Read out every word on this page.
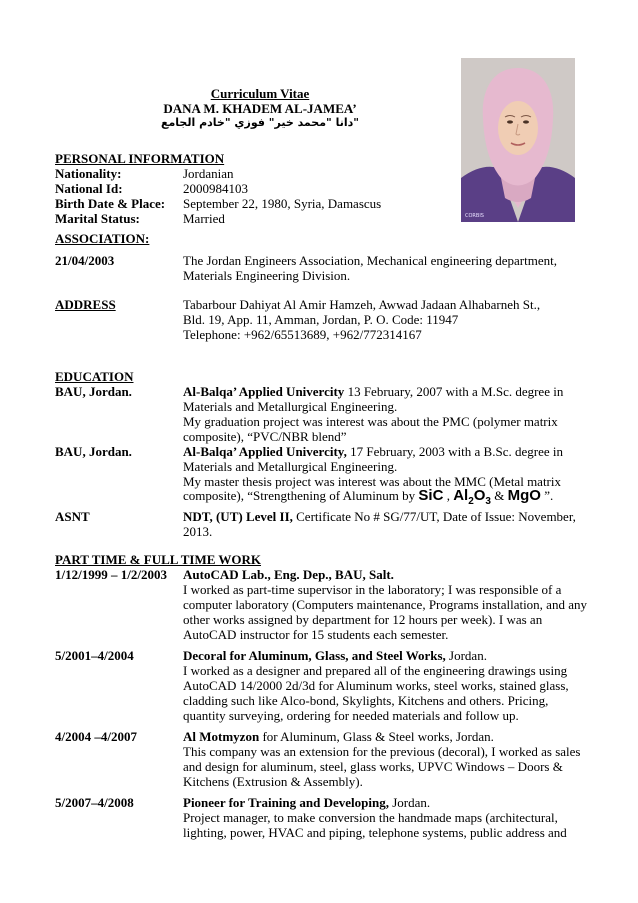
Curriculum Vitae
DANA M. KHADEM AL-JAMEA’
"دانا "محمد خير" فوزي "خادم الجامع
CORBIS
PERSONAL INFORMATION
Nationality:	Jordanian
National Id:	2000984103
Birth Date & Place: September 22, 1980, Syria, Damascus
Marital Status:	Married
ASSOCIATION:
21/04/2003	The Jordan Engineers Association, Mechanical engineering department,
Materials Engineering Division.
ADDRESS	Tabarbour Dahiyat Al Amir Hamzeh, Awwad Jadaan Alhabarneh St.,
Bld. 19, App. 11, Amman, Jordan, P. O. Code: 11947
Telephone: +962/65513689, +962/772314167
EDUCATION
BAU, Jordan.	Al-Balqa’ Applied Univercity 13 February, 2007 with a M.Sc. degree in
Materials and Metallurgical Engineering.
My graduation project was interest was about the PMC (polymer matrix
composite), “PVC/NBR blend”
BAU, Jordan.	Al-Balqa’ Applied Univercity, 17 February, 2003 with a B.Sc. degree in
Materials and Metallurgical Engineering.
My master thesis project was interest was about the MMC (Metal matrix
composite), “Strengthening of Aluminum by SiC , $Al_2O_3$ & MgO ”.
ASNT	NDT, (UT) Level II, Certificate No # SG/77/UT, Date of Issue: November,
2013.
PART TIME & FULL TIME WORK
1/12/1999 – 1/2/2003 AutoCAD Lab., Eng. Dep., BAU, Salt.
I worked as part-time supervisor in the laboratory; I was responsible of a
computer laboratory (Computers maintenance, Programs installation, and any
other works assigned by department for 12 hours per week). I was an
AutoCAD instructor for 15 students each semester.
5/2001–4/2004	Decoral for Aluminum, Glass, and Steel Works, Jordan.
I worked as a designer and prepared all of the engineering drawings using
AutoCAD 14/2000 2d/3d for Aluminum works, steel works, stained glass,
cladding such like Alco-bond, Skylights, Kitchens and others. Pricing,
quantity surveying, ordering for needed materials and follow up.
4/2004 –4/2007	Al Motmyzon for Aluminum, Glass & Steel works, Jordan.
This company was an extension for the previous (decoral), I worked as sales
and design for aluminum, steel, glass works, UPVC Windows – Doors &
Kitchens (Extrusion & Assembly).
5/2007–4/2008	Pioneer for Training and Developing, Jordan.
Project manager, to make conversion the handmade maps (architectural,
lighting, power, HVAC and piping, telephone systems, public address and
